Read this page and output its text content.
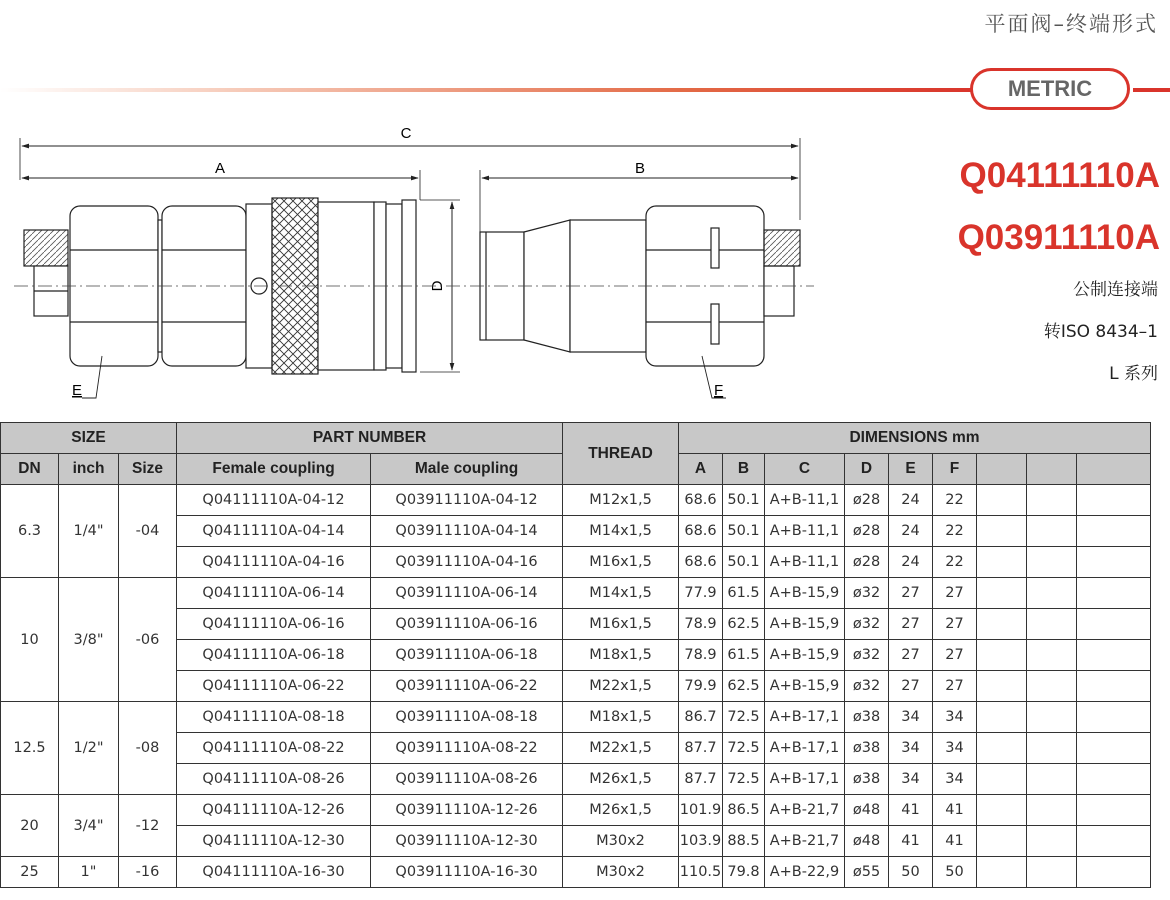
平面阀–终端形式
METRIC
Q04111110A
Q03911110A
公制连接端
转ISO 8434–1
L 系列
C
A	B
D
E	F
SIZE			PART NUMBER		THREAD	DIMENSIONS mm								
DN	inch	Size	Female coupling	Male coupling		A	B	C	D	E	F			
6.3	1/4"	-04	Q04111110A-04-12	Q03911110A-04-12	M12x1,5	68.6	50.1	A+B-11,1	ø28	24	22			
			Q04111110A-04-14	Q03911110A-04-14	M14x1,5	68.6	50.1	A+B-11,1	ø28	24	22			
			Q04111110A-04-16	Q03911110A-04-16	M16x1,5	68.6	50.1	A+B-11,1	ø28	24	22			
10	3/8"	-06	Q04111110A-06-14	Q03911110A-06-14	M14x1,5	77.9	61.5	A+B-15,9	ø32	27	27			
			Q04111110A-06-16	Q03911110A-06-16	M16x1,5	78.9	62.5	A+B-15,9	ø32	27	27			
			Q04111110A-06-18	Q03911110A-06-18	M18x1,5	78.9	61.5	A+B-15,9	ø32	27	27			
			Q04111110A-06-22	Q03911110A-06-22	M22x1,5	79.9	62.5	A+B-15,9	ø32	27	27			
12.5	1/2"	-08	Q04111110A-08-18	Q03911110A-08-18	M18x1,5	86.7	72.5	A+B-17,1	ø38	34	34			
			Q04111110A-08-22	Q03911110A-08-22	M22x1,5	87.7	72.5	A+B-17,1	ø38	34	34			
			Q04111110A-08-26	Q03911110A-08-26	M26x1,5	87.7	72.5	A+B-17,1	ø38	34	34			
20	3/4"	-12	Q04111110A-12-26	Q03911110A-12-26	M26x1,5	101.9	86.5	A+B-21,7	ø48	41	41			
			Q04111110A-12-30	Q03911110A-12-30	M30x2	103.9	88.5	A+B-21,7	ø48	41	41			
25	1"	-16	Q04111110A-16-30	Q03911110A-16-30	M30x2	110.5	79.8	A+B-22,9	ø55	50	50			
